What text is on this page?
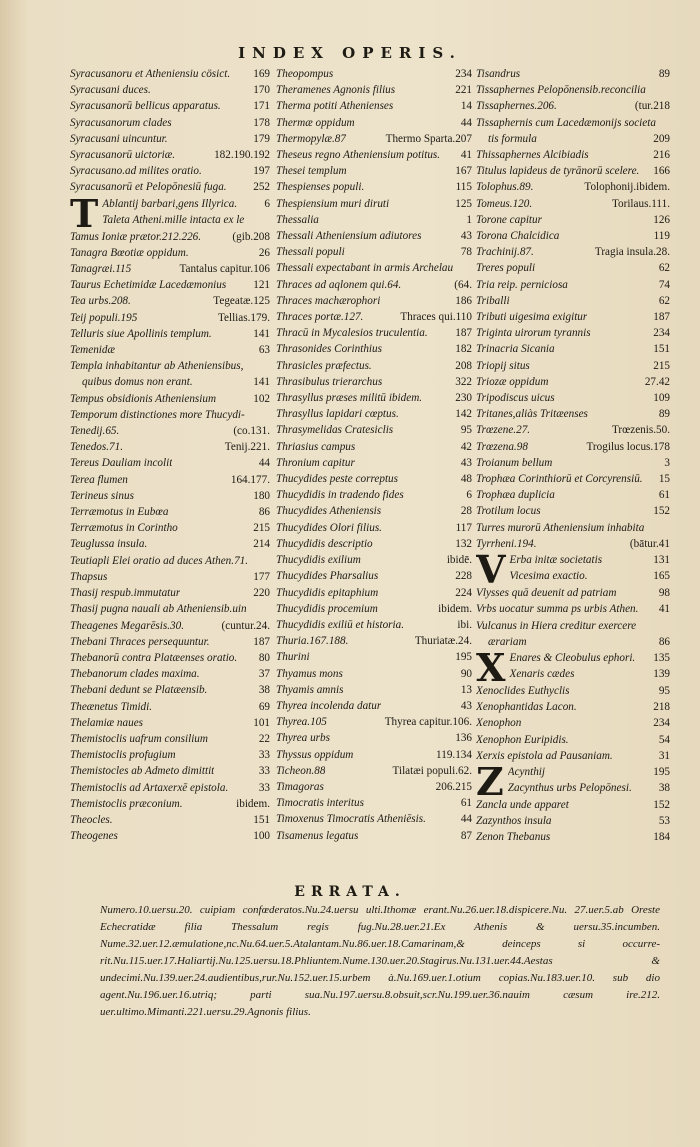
INDEX OPERIS.
Syracusanoru et Atheniensiu cösict. 169
Syracusani duces.	170
Syracusanorū bellicus apparatus.	171
Syracusanorum clades	178
Syracusani uincuntur.	179
Syracusanorū uictoriæ.	182.190.192
Syracusano.ad milites oratio.	197
Syracusanorū et Pelopōnesiū fuga. 252
T Ablantij barbari,gens Illyrica. 6
Taleta Atheni.mille intacta ex le
Tamus Ioniæ prætor.212.226.	(gib.208
Tanagra Bœotiæ oppidum.	26
Tanagræi.115	Tantalus capitur.106
Taurus Echetimidæ Lacedæmonius 121
Tea urbs.208.	Tegeatæ.125
Teij populi.195	Tellias.179.
Telluris siue Apollinis templum.	141
Temenidæ	63
Templa inhabitantur ab Atheniensibus,
quibus domus non erant.	141
Tempus obsidionis Atheniensium	102
Temporum distinctiones more Thucydi-
Tenedij.65.	(co.131.
Tenedos.71.	Tenij.221.
Tereus Dauliam incolit	44
Terea flumen	164.177.
Terineus sinus	180
Terræmotus in Eubœa	86
Terræmotus in Corintho	215
Teuglussa insula.	214
Teutiapli Elei oratio ad duces Athen.71.
Thapsus	177
Thasij respub.immutatur	220
Thasij pugna nauali ab Atheniensib.uin
Theagenes Megarēsis.30.	(cuntur.24.
Thebani Thraces persequuntur.	187
Thebanorū contra Platæenses oratio. 80
Thebanorum clades maxima.	37
Thebani dedunt se Platæensib.	38
Theænetus Timidi.	69
Thelamiæ naues	101
Themistoclis uafrum consilium	22
Themistoclis profugium	33
Themistocles ab Admeto dimittit	33
Themistoclis ad Artaxerxē epistola.	33
Themistoclis præconium.	ibidem.
Theocles.	151
Theogenes	100
Theopompus	234
Theramenes Agnonis filius	221
Therma potiti Athenienses	14
Thermæ oppidum	44
Thermopylæ.87	Thermo Sparta.207
Theseus regno Atheniensium potitus. 41
Thesei templum	167
Thespienses populi.	115
Thespiensium muri diruti	125
Thessalia	1
Thessali Atheniensium adiutores	43
Thessali populi	78
Thessali expectabant in armis Archelau
Thraces ad aqlonem qui.64.	(64.
Thraces machærophori	186
Thraces portæ.127.	Thraces qui.110
Thracū in Mycalesios truculentia. 187
Thrasonides Corinthius	182
Thrasicles præfectus.	208
Thrasibulus trierarchus	322
Thrasyllus præses militū ibidem.	230
Thrasyllus lapidari cœptus.	142
Thrasymelidas Cratesiclis	95
Thriasius campus	42
Thronium capitur	43
Thucydides peste correptus	48
Thucydidis in tradendo fides	6
Thucydides Atheniensis	28
Thucydides Olori filius.	117
Thucydidis descriptio	132
Thucydidis exilium	ibidē.
Thucydides Pharsalius	228
Thucydidis epitaphium	224
Thucydidis procemium	ibidem.
Thucydidis exiliū et historia.	ibi.
Thuria.167.188.	Thuriatæ.24.
Thurini	195
Thyamus mons	90
Thyamis amnis	13
Thyrea incolenda datur	43
Thyrea.105	Thyrea capitur.106.
Thyrea urbs	136
Thyssus oppidum	119.134
Ticheon.88	Tilatæi populi.62.
Timagoras	206.215
Timocratis interitus	61
Timoxenus Timocratis Atheniēsis.	44
Tisamenus legatus	87
Tisandrus	89
Tissaphernes Pelopōnensib.reconcilia
Tissaphernes.206.	(tur.218
Tissaphernis cum Lacedæmonijs societa
tis formula	209
Thissaphernes Alcibiadis	216
Titulus lapideus de tyrānorū scelere. 166
Tolophus.89.	Tolophonij.ibidem.
Tomeus.120.	Torilaus.111.
Torone capitur	126
Torona Chalcidica	119
Trachinij.87.	Tragia insula.28.
Treres populi	62
Tria reip. perniciosa	74
Triballi	62
Tributi uigesima exigitur	187
Triginta uirorum tyrannis	234
Trinacria Sicania	151
Triopij situs	215
Triozæ oppidum	27.42
Tripodiscus uicus	109
Tritanes,aliàs Tritæenses	89
Trœzene.27.	Trœzenis.50.
Trœzena.98	Trogilus locus.178
Troianum bellum	3
Trophæa Corinthiorū et Corcyrensiū. 15
Trophæa duplicia	61
Trotilum locus	152
Turres murorū Atheniensium inhabita
Tyrrheni.194.	(bātur.41
V Erba initæ societatis	131
Vicesima exactio.	165
Vlysses quā deuenit ad patriam	98
Vrbs uocatur summa ps urbis Athen. 41
Vulcanus in Hiera creditur exercere
ærariam	86
X Enares & Cleobulus ephori. 135
Xenaris cædes	139
Xenoclides Euthyclis	95
Xenophantidas Lacon.	218
Xenophon	234
Xenophon Euripidis.	54
Xerxis epistola ad Pausaniam.	31
Z Acynthij	195
Zacynthus urbs Pelopōnesi. 38
Zancla unde apparet	152
Zazynthos insula	53
Zenon Thebanus	184
ERRATA.
Numero.10.uersu.20. cuipiam confœderatos.Nu.24.uersu ulti.Ithomæ erant.Nu.26.uer.18.dispicere.Nu. 27.uer.5.ab Oreste Echecratidæ filia Thessalum regis fug.Nu.28.uer.21.Ex Athenis & uersu.35.incumben. Nume.32.uer.12.æmulatione,nc.Nu.64.uer.5.Atalantam.Nu.86.uer.18.Camarinam,& deinceps si occurre- rit.Nu.115.uer.17.Haliartij.Nu.125.uersu.18.Phliuntem.Nume.130.uer.20.Stagirus.Nu.131.uer.44.Aestas & undecimi.Nu.139.uer.24.audientibus,rur.Nu.152.uer.15.urbem à.Nu.169.uer.1.otium copias.Nu.183.uer.10. sub dio agent.Nu.196.uer.16.utriq; parti sua.Nu.197.uersu.8.obsuit,scr.Nu.199.uer.36.nauim cæsum ire.212. uer.ultimo.Mimanti.221.uersu.29.Agnonis filius.
